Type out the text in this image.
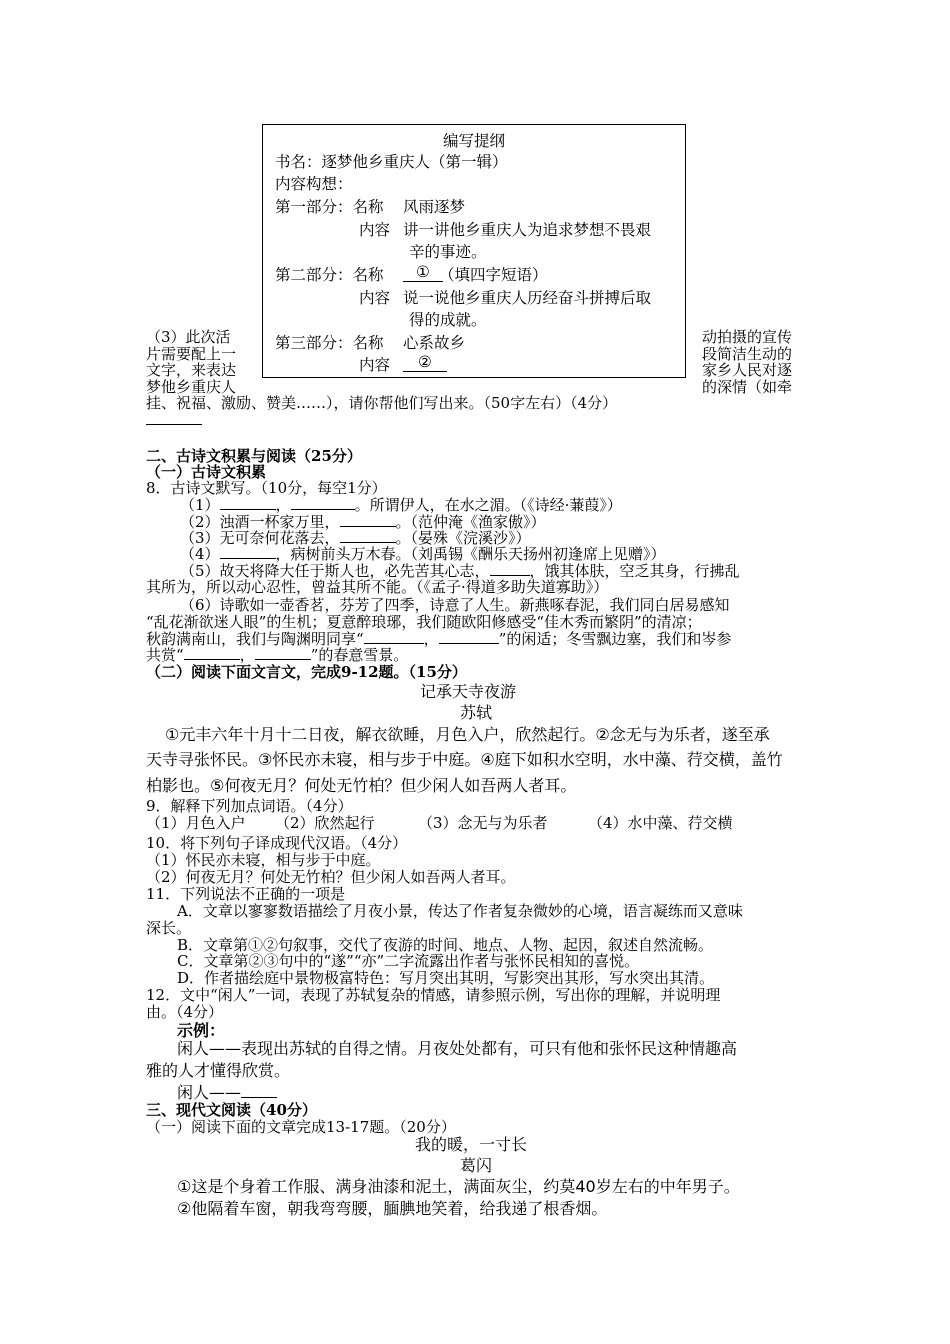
编写提纲
书名：逐梦他乡重庆人（第一辑）
内容构想：
第一部分：名称 风雨逐梦
内容 讲一讲他乡重庆人为追求梦想不畏艰
辛的事迹。
第二部分：名称	① （填四字短语）
内容 说一说他乡重庆人历经奋斗拼搏后取
得的成就。
第三部分：名称 心系故乡
内容	②
（3）此次活
片需要配上一
文字，来表达
梦他乡重庆人
动拍摄的宣传
段简洁生动的
家乡人民对逐
的深情（如牵
挂、祝福、激励、赞美……），请你帮他们写出来。（50字左右）（4分）
二、古诗文积累与阅读（25分）
（一）古诗文积累
8．古诗文默写。（10分，每空1分）
（1）	，	。所谓伊人，在水之湄。（《诗经·蒹葭》）
（2）浊酒一杯家万里，	。（范仲淹《渔家傲》）
（3）无可奈何花落去，	。（晏殊《浣溪沙》）
（4）	，病树前头万木春。（刘禹锡《酬乐天扬州初逢席上见赠》）
（5）故天将降大任于斯人也，必先苦其心志，	，饿其体肤，空乏其身，行拂乱
其所为，所以动心忍性，曾益其所不能。（《孟子·得道多助失道寡助》）
（6）诗歌如一壶香茗，芬芳了四季，诗意了人生。新燕啄春泥，我们同白居易感知
“乱花渐欲迷人眼”的生机；夏意醉琅琊，我们随欧阳修感受“佳木秀而繁阴”的清凉；
秋韵满南山，我们与陶渊明同享“	，	”的闲适；冬雪飘边塞，我们和岑参
共赏“	，	”的春意雪景。
（二）阅读下面文言文，完成9-12题。（15分）
记承天寺夜游
苏轼
①元丰六年十月十二日夜，解衣欲睡，月色入户，欣然起行。②念无与为乐者，遂至承
天寺寻张怀民。③怀民亦未寝，相与步于中庭。④庭下如积水空明，水中藻、荇交横，盖竹
柏影也。⑤何夜无月？何处无竹柏？但少闲人如吾两人者耳。
9．解释下列加点词语。（4分）
（1）月色入户 （2）欣然起行	（3）念无与为乐者	（4）水中藻、荇交横
10．将下列句子译成现代汉语。（4分）
（1）怀民亦未寝，相与步于中庭。
（2）何夜无月？何处无竹柏？但少闲人如吾两人者耳。
11．下列说法不正确的一项是
A．文章以寥寥数语描绘了月夜小景，传达了作者复杂微妙的心境，语言凝练而又意味
深长。
B．文章第①②句叙事，交代了夜游的时间、地点、人物、起因，叙述自然流畅。
C．文章第②③句中的“遂”“亦”二字流露出作者与张怀民相知的喜悦。
D．作者描绘庭中景物极富特色：写月突出其明，写影突出其形，写水突出其清。
12．文中“闲人”一词，表现了苏轼复杂的情感，请参照示例，写出你的理解，并说明理
由。（4分）
示例：
闲人——表现出苏轼的自得之情。月夜处处都有，可只有他和张怀民这种情趣高
雅的人才懂得欣赏。
闲人——
三、现代文阅读（40分）
（一）阅读下面的文章完成13-17题。（20分）
我的暖，一寸长
葛闪
①这是个身着工作服、满身油漆和泥土，满面灰尘，约莫40岁左右的中年男子。
②他隔着车窗，朝我弯弯腰，腼腆地笑着，给我递了根香烟。
